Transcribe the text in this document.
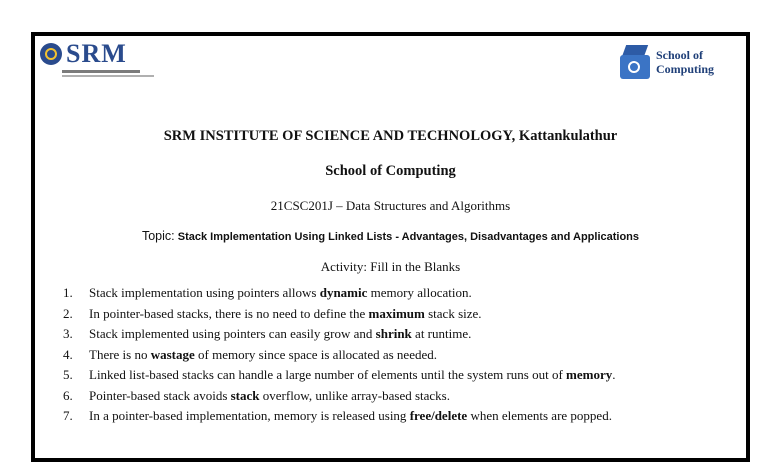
SRM	School of
Computing
SRM INSTITUTE OF SCIENCE AND TECHNOLOGY, Kattankulathur
School of Computing
21CSC201J – Data Structures and Algorithms
Topic: Stack Implementation Using Linked Lists - Advantages, Disadvantages and Applications
Activity: Fill in the Blanks
1.	Stack implementation using pointers allows dynamic memory allocation.
2.	In pointer-based stacks, there is no need to define the maximum stack size.
3.	Stack implemented using pointers can easily grow and shrink at runtime.
4.	There is no wastage of memory since space is allocated as needed.
5.	Linked list-based stacks can handle a large number of elements until the system runs out of memory.
6.	Pointer-based stack avoids stack overflow, unlike array-based stacks.
7.	In a pointer-based implementation, memory is released using free/delete when elements are popped.
